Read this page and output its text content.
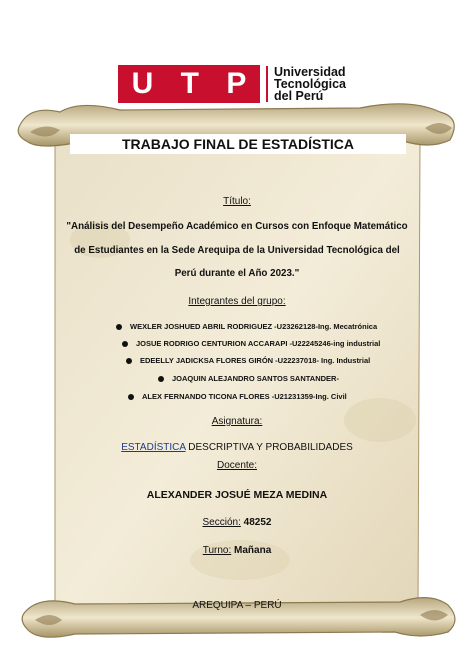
U T P Universidad
Tecnológica
del Perú
TRABAJO FINAL DE ESTADÍSTICA
Título:
"Análisis del Desempeño Académico en Cursos con Enfoque Matemático
de Estudiantes en la Sede Arequipa de la Universidad Tecnológica del
Perú durante el Año 2023."
Integrantes del grupo:
WEXLER JOSHUED ABRIL RODRIGUEZ -U23262128-Ing. Mecatrónica
JOSUE RODRIGO CENTURION ACCARAPI -U22245246-ing industrial
EDEELLY JADICKSA FLORES GIRÓN -U22237018- Ing. Industrial
JOAQUIN ALEJANDRO SANTOS SANTANDER-
ALEX FERNANDO TICONA FLORES -U21231359-Ing. Civil
Asignatura:
ESTADÍSTICA DESCRIPTIVA Y PROBABILIDADES
Docente:
ALEXANDER JOSUÉ MEZA MEDINA
Sección: 48252
Turno: Mañana
AREQUIPA – PERÚ
